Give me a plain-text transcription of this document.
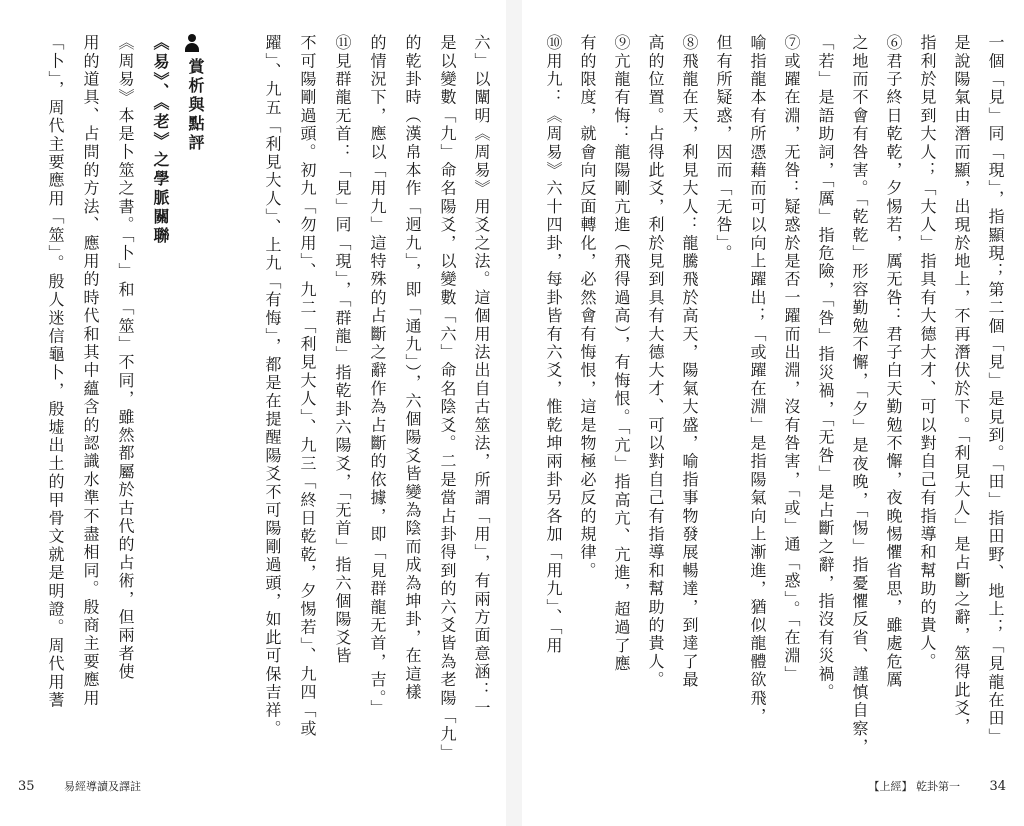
六」以闡明《周易》用爻之法。這個用法出自古筮法，所謂「用」，有兩方面意涵：一
是以變數「九」命名陽爻，以變數「六」命名陰爻。二是當占卦得到的六爻皆為老陽「九」
的乾卦時（漢帛本作「迥九」，即「通九」），六個陽爻皆變為陰而成為坤卦，在這樣
的情況下，應以「用九」這特殊的占斷之辭作為占斷的依據，即「見群龍无首，吉。」
⑪見群龍无首：「見」同「現」，「群龍」指乾卦六陽爻，「无首」指六個陽爻皆
不可陽剛過頭。初九「勿用」、九二「利見大人」、九三「終日乾乾，夕惕若」、九四「或
躍」、九五「利見大人」、上九「有悔」，都是在提醒陽爻不可陽剛過頭，如此可保吉祥。
賞析與點評
《易》、《老》之學脈關聯
《周易》本是卜筮之書。「卜」和「筮」不同，雖然都屬於古代的占術，但兩者使
用的道具、占問的方法、應用的時代和其中蘊含的認識水準不盡相同。殷商主要應用
「卜」，周代主要應用「筮」。殷人迷信龜卜，殷墟出土的甲骨文就是明證。周代用蓍
35	易經導讀及譯註
一個「見」同「現」，指顯現；第二個「見」是見到。「田」指田野、地上；「見龍在田」
是說陽氣由潛而顯，出現於地上，不再潛伏於下。「利見大人」是占斷之辭，筮得此爻，
指利於見到大人；「大人」指具有大德大才、可以對自己有指導和幫助的貴人。
⑥君子終日乾乾，夕惕若，厲无咎：君子白天勤勉不懈，夜晚惕懼省思，雖處危厲
之地而不會有咎害。「乾乾」形容勤勉不懈，「夕」是夜晚，「惕」指憂懼反省、謹慎自察，
「若」是語助詞，「厲」指危險，「咎」指災禍，「无咎」是占斷之辭，指沒有災禍。
⑦或躍在淵，无咎：疑惑於是否一躍而出淵，沒有咎害，「或」通「惑」。「在淵」
喻指龍本有所憑藉而可以向上躍出；「或躍在淵」是指陽氣向上漸進，猶似龍體欲飛，
但有所疑惑，因而「无咎」。
⑧飛龍在天，利見大人：龍騰飛於高天，陽氣大盛，喻指事物發展暢達，到達了最
高的位置。占得此爻，利於見到具有大德大才、可以對自己有指導和幫助的貴人。
⑨亢龍有悔：龍陽剛亢進（飛得過高），有悔恨。「亢」指高亢、亢進，超過了應
有的限度，就會向反面轉化，必然會有悔恨，這是物極必反的規律。
⑩用九：《周易》六十四卦，每卦皆有六爻，惟乾坤兩卦另各加「用九」、「用
【上經】 乾卦第一 34
